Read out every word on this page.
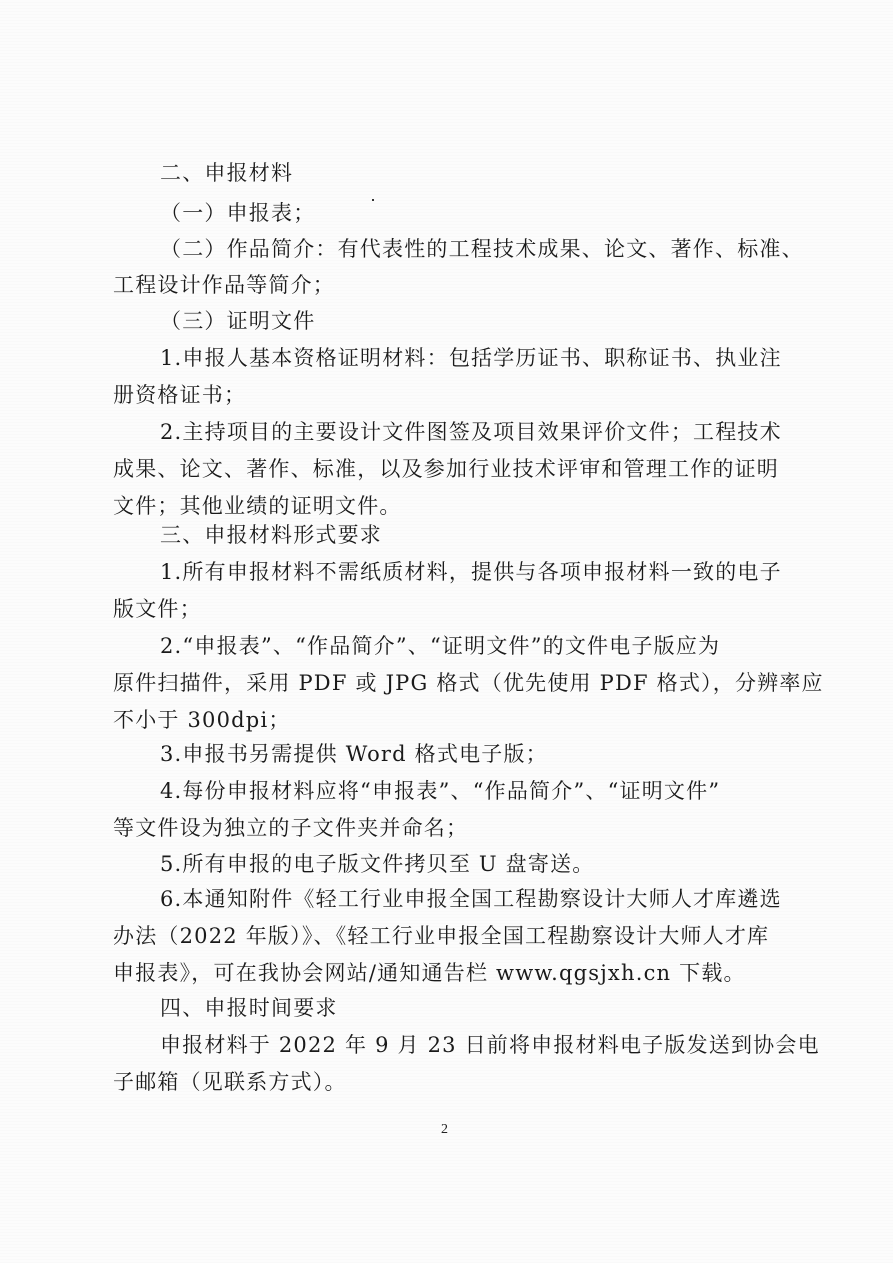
二、申报材料
（一）申报表；
（二）作品简介：有代表性的工程技术成果、论文、著作、标准、
工程设计作品等简介；
（三）证明文件
1.申报人基本资格证明材料：包括学历证书、职称证书、执业注
册资格证书；
2.主持项目的主要设计文件图签及项目效果评价文件；工程技术
成果、论文、著作、标准，以及参加行业技术评审和管理工作的证明
文件；其他业绩的证明文件。
三、申报材料形式要求
1.所有申报材料不需纸质材料，提供与各项申报材料一致的电子
版文件；
2.“申报表”、“作品简介”、“证明文件”的文件电子版应为
原件扫描件，采用 PDF 或 JPG 格式（优先使用 PDF 格式），分辨率应
不小于 300dpi；
3.申报书另需提供 Word 格式电子版；
4.每份申报材料应将“申报表”、“作品简介”、“证明文件”
等文件设为独立的子文件夹并命名；
5.所有申报的电子版文件拷贝至 U 盘寄送。
6.本通知附件《轻工行业申报全国工程勘察设计大师人才库遴选
办法（2022 年版）》、《轻工行业申报全国工程勘察设计大师人才库
申报表》，可在我协会网站/通知通告栏 www.qgsjxh.cn 下载。
四、申报时间要求
申报材料于 2022 年 9 月 23 日前将申报材料电子版发送到协会电
子邮箱（见联系方式）。
2
